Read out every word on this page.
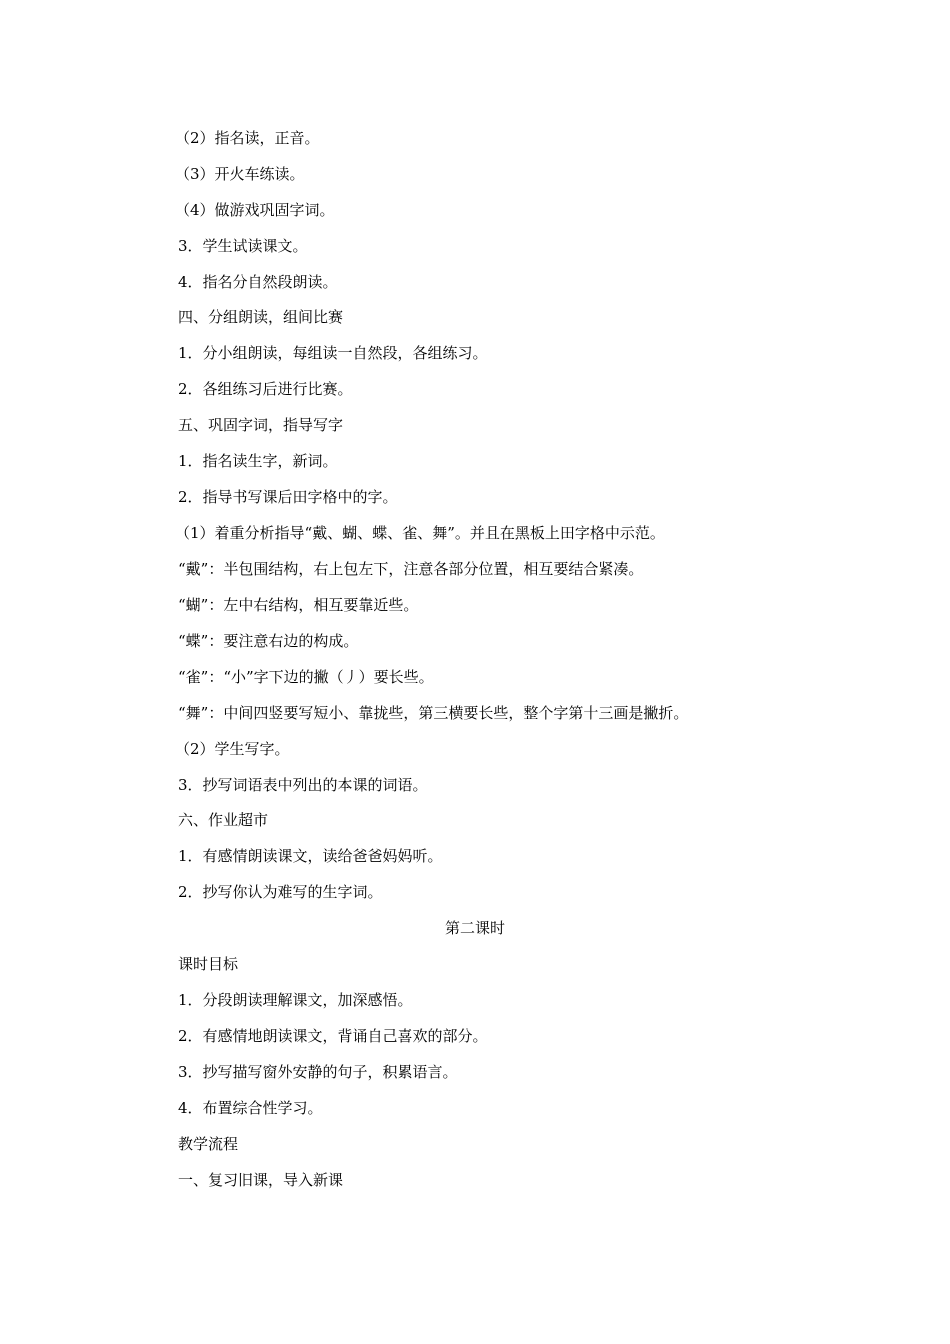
（2）指名读，正音。
（3）开火车练读。
（4）做游戏巩固字词。
3．学生试读课文。
4．指名分自然段朗读。
四、分组朗读，组间比赛
1．分小组朗读，每组读一自然段，各组练习。
2．各组练习后进行比赛。
五、巩固字词，指导写字
1．指名读生字，新词。
2．指导书写课后田字格中的字。
（1）着重分析指导“戴、蝴、蝶、雀、舞”。并且在黑板上田字格中示范。
“戴”：半包围结构，右上包左下，注意各部分位置，相互要结合紧凑。
“蝴”：左中右结构，相互要靠近些。
“蝶”：要注意右边的构成。
“雀”：“小”字下边的撇（丿）要长些。
“舞”：中间四竖要写短小、靠拢些，第三横要长些，整个字第十三画是撇折。
（2）学生写字。
3．抄写词语表中列出的本课的词语。
六、作业超市
1．有感情朗读课文，读给爸爸妈妈听。
2．抄写你认为难写的生字词。
第二课时
课时目标
1．分段朗读理解课文，加深感悟。
2．有感情地朗读课文，背诵自己喜欢的部分。
3．抄写描写窗外安静的句子，积累语言。
4．布置综合性学习。
教学流程
一、复习旧课，导入新课
